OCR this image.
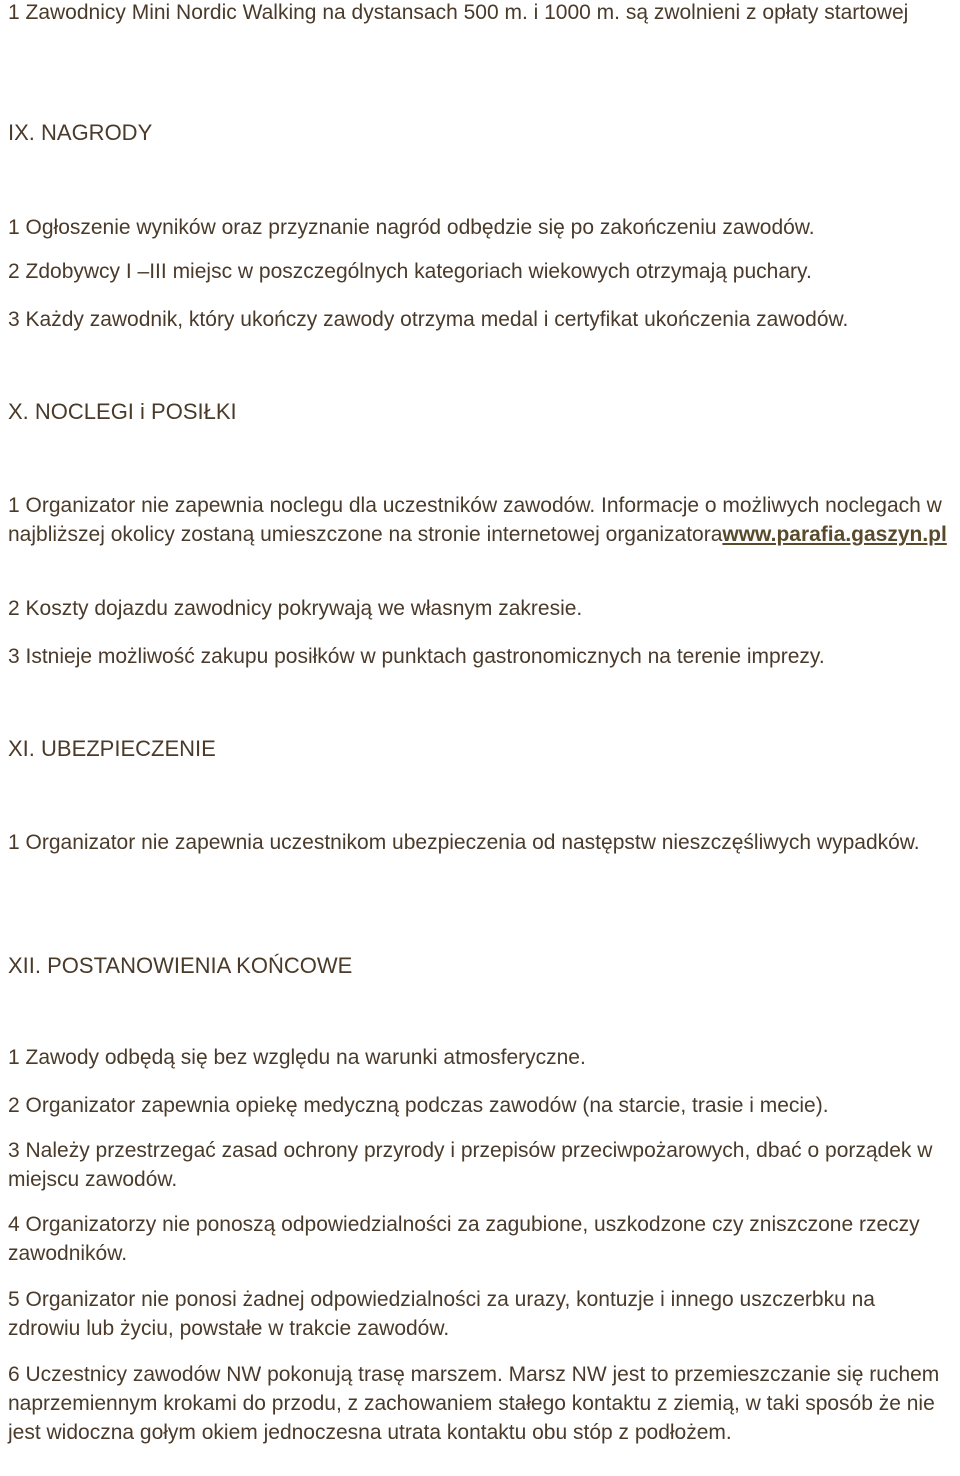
1 Zawodnicy Mini Nordic Walking na dystansach 500 m. i 1000 m. są zwolnieni z opłaty startowej

IX. NAGRODY

1 Ogłoszenie wyników oraz przyznanie nagród odbędzie się po zakończeniu zawodów.

2 Zdobywcy I –III miejsc w poszczególnych kategoriach wiekowych otrzymają puchary.

3 Każdy zawodnik, który ukończy zawody otrzyma medal i certyfikat ukończenia zawodów.

X. NOCLEGI i POSIŁKI

1 Organizator nie zapewnia noclegu dla uczestników zawodów. Informacje o możliwych noclegach w najbliższej okolicy zostaną umieszczone na stronie internetowej organizatorawww.parafia.gaszyn.pl

2 Koszty dojazdu zawodnicy pokrywają we własnym zakresie.

3 Istnieje możliwość zakupu posiłków w punktach gastronomicznych na terenie imprezy.

XI. UBEZPIECZENIE

1 Organizator nie zapewnia uczestnikom ubezpieczenia od następstw nieszczęśliwych wypadków.

XII. POSTANOWIENIA KOŃCOWE

1 Zawody odbędą się bez względu na warunki atmosferyczne.

2 Organizator zapewnia opiekę medyczną podczas zawodów (na starcie, trasie i mecie).

3 Należy przestrzegać zasad ochrony przyrody i przepisów przeciwpożarowych, dbać o porządek w miejscu zawodów.

4 Organizatorzy nie ponoszą odpowiedzialności za zagubione, uszkodzone czy zniszczone rzeczy zawodników.

5 Organizator nie ponosi żadnej odpowiedzialności za urazy, kontuzje i innego uszczerbku na zdrowiu lub życiu, powstałe w trakcie zawodów.

6 Uczestnicy zawodów NW pokonują trasę marszem. Marsz NW jest to przemieszczanie się ruchem naprzemiennym krokami do przodu, z zachowaniem stałego kontaktu z ziemią, w taki sposób że nie jest widoczna gołym okiem jednoczesna utrata kontaktu obu stóp z podłożem.
